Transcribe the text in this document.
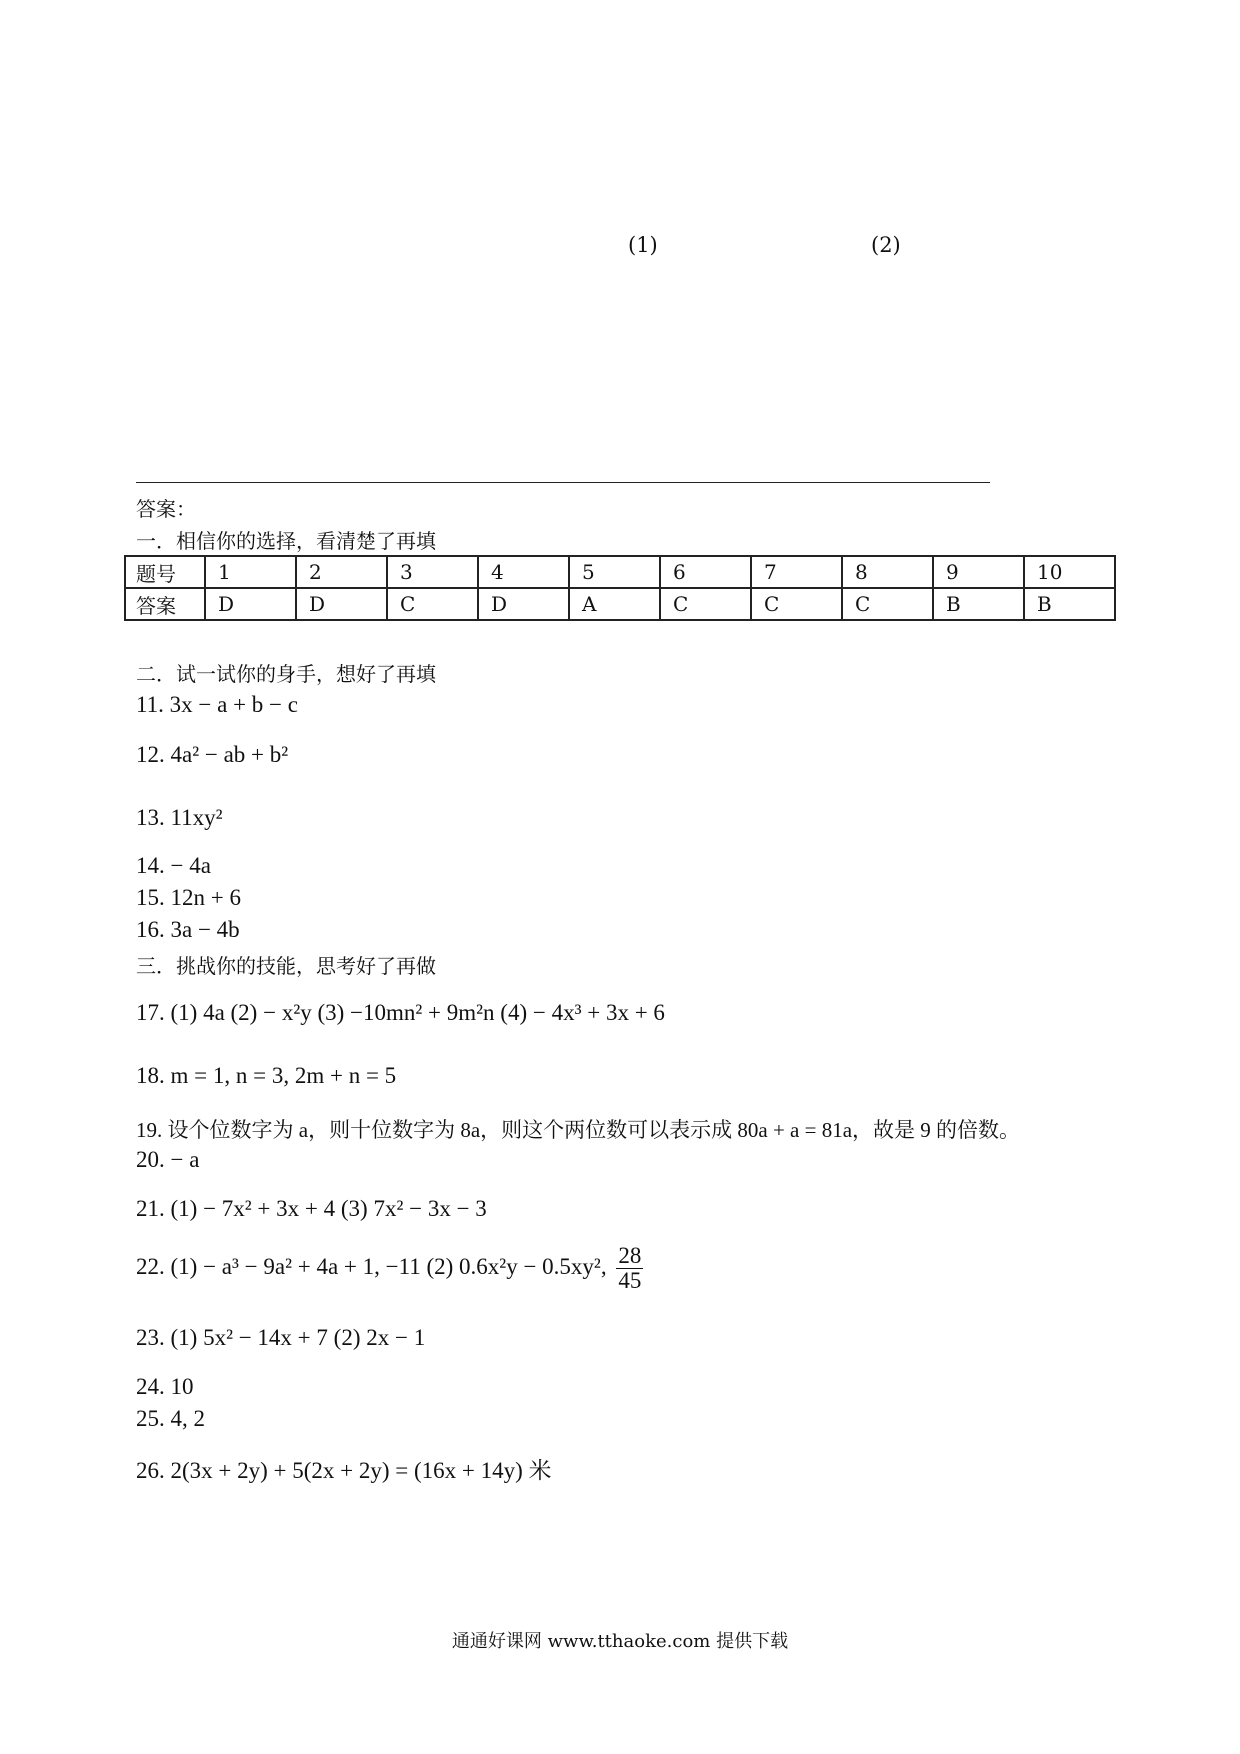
(1)	(2)
答案：
一．相信你的选择，看清楚了再填
题号	1	2	3	4	5	6	7	8	9	10
答案	D	D	C	D	A	C	C	C	B	B
二．试一试你的身手，想好了再填
11. 3x − a + b − c
12. 4a² − ab + b²
13. 11xy²
14. − 4a
15. 12n + 6
16. 3a − 4b
三．挑战你的技能，思考好了再做
17. (1) 4a (2) − x²y (3) −10mn² + 9m²n (4) − 4x³ + 3x + 6
18. m = 1, n = 3, 2m + n = 5
19. 设个位数字为 a，则十位数字为 8a，则这个两位数可以表示成 80a + a = 81a，故是 9 的倍数。
20. − a
21. (1) − 7x² + 3x + 4 (3) 7x² − 3x − 3
22. (1) − a³ − 9a² + 4a + 1, −11 (2) 0.6x²y − 0.5xy², $\frac{28}{45}$
23. (1) 5x² − 14x + 7 (2) 2x − 1
24. 10
25. 4, 2
26. 2(3x + 2y) + 5(2x + 2y) = (16x + 14y) 米
通通好课网 www.tthaoke.com 提供下载
